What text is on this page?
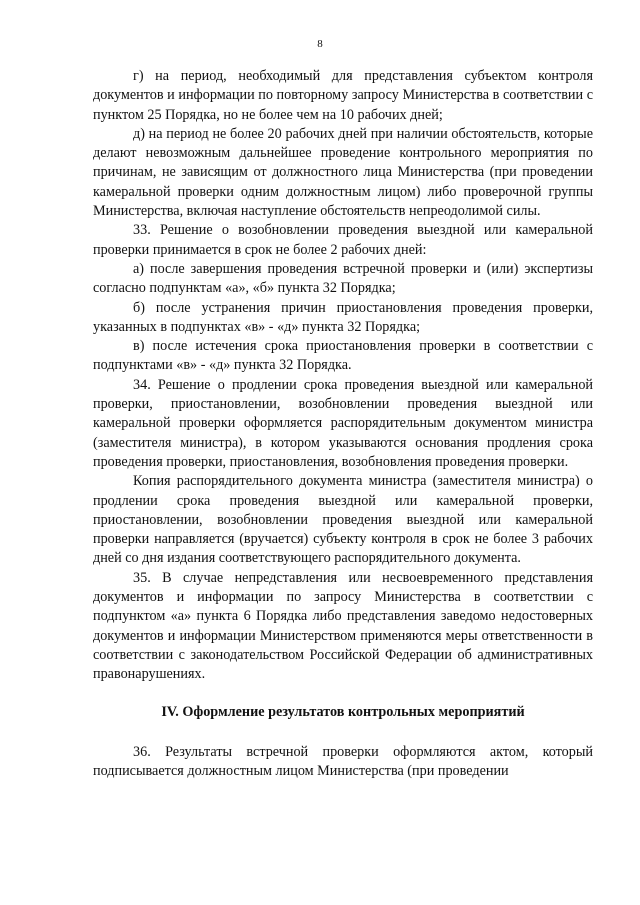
8

г) на период, необходимый для представления субъектом контроля документов и информации по повторному запросу Министерства в соответствии с пунктом 25 Порядка, но не более чем на 10 рабочих дней;

д) на период не более 20 рабочих дней при наличии обстоятельств, которые делают невозможным дальнейшее проведение контрольного мероприятия по причинам, не зависящим от должностного лица Министерства (при проведении камеральной проверки одним должностным лицом) либо проверочной группы Министерства, включая наступление обстоятельств непреодолимой силы.

33. Решение о возобновлении проведения выездной или камеральной проверки принимается в срок не более 2 рабочих дней:

а) после завершения проведения встречной проверки и (или) экспертизы согласно подпунктам «а», «б» пункта 32 Порядка;

б) после устранения причин приостановления проведения проверки, указанных в подпунктах «в» - «д» пункта 32 Порядка;

в) после истечения срока приостановления проверки в соответствии с подпунктами «в» - «д» пункта 32 Порядка.

34. Решение о продлении срока проведения выездной или камеральной проверки, приостановлении, возобновлении проведения выездной или камеральной проверки оформляется распорядительным документом министра (заместителя министра), в котором указываются основания продления срока проведения проверки, приостановления, возобновления проведения проверки.

Копия распорядительного документа министра (заместителя министра) о продлении срока проведения выездной или камеральной проверки, приостановлении, возобновлении проведения выездной или камеральной проверки направляется (вручается) субъекту контроля в срок не более 3 рабочих дней со дня издания соответствующего распорядительного документа.

35. В случае непредставления или несвоевременного представления документов и информации по запросу Министерства в соответствии с подпунктом «а» пункта 6 Порядка либо представления заведомо недостоверных документов и информации Министерством применяются меры ответственности в соответствии с законодательством Российской Федерации об административных правонарушениях.

IV. Оформление результатов контрольных мероприятий

36. Результаты встречной проверки оформляются актом, который подписывается должностным лицом Министерства (при проведении
